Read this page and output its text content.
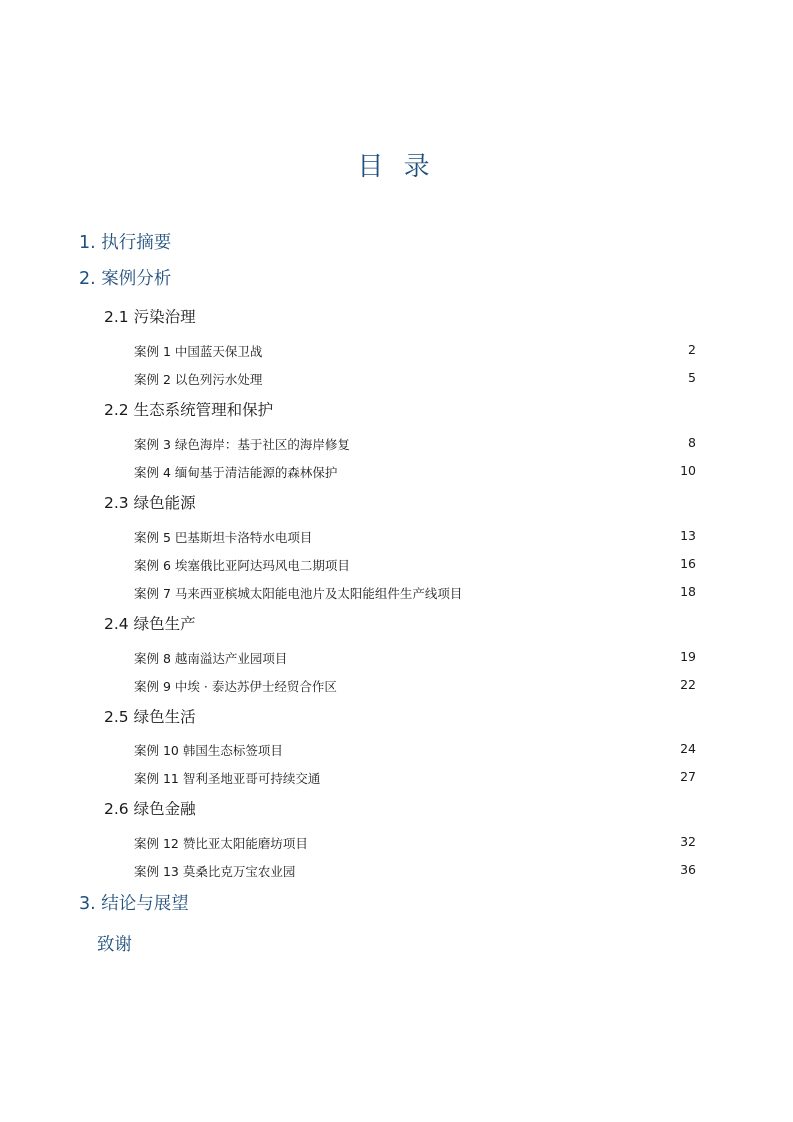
目 录
1. 执行摘要
2. 案例分析
2.1 污染治理
案例 1 中国蓝天保卫战	2
案例 2 以色列污水处理	5
2.2 生态系统管理和保护
案例 3 绿色海岸：基于社区的海岸修复	8
案例 4 缅甸基于清洁能源的森林保护	10
2.3 绿色能源
案例 5 巴基斯坦卡洛特水电项目	13
案例 6 埃塞俄比亚阿达玛风电二期项目	16
案例 7 马来西亚槟城太阳能电池片及太阳能组件生产线项目	18
2.4 绿色生产
案例 8 越南溢达产业园项目	19
案例 9 中埃 · 泰达苏伊士经贸合作区	22
2.5 绿色生活
案例 10 韩国生态标签项目	24
案例 11 智利圣地亚哥可持续交通	27
2.6 绿色金融
案例 12 赞比亚太阳能磨坊项目	32
案例 13 莫桑比克万宝农业园	36
3. 结论与展望
致谢
